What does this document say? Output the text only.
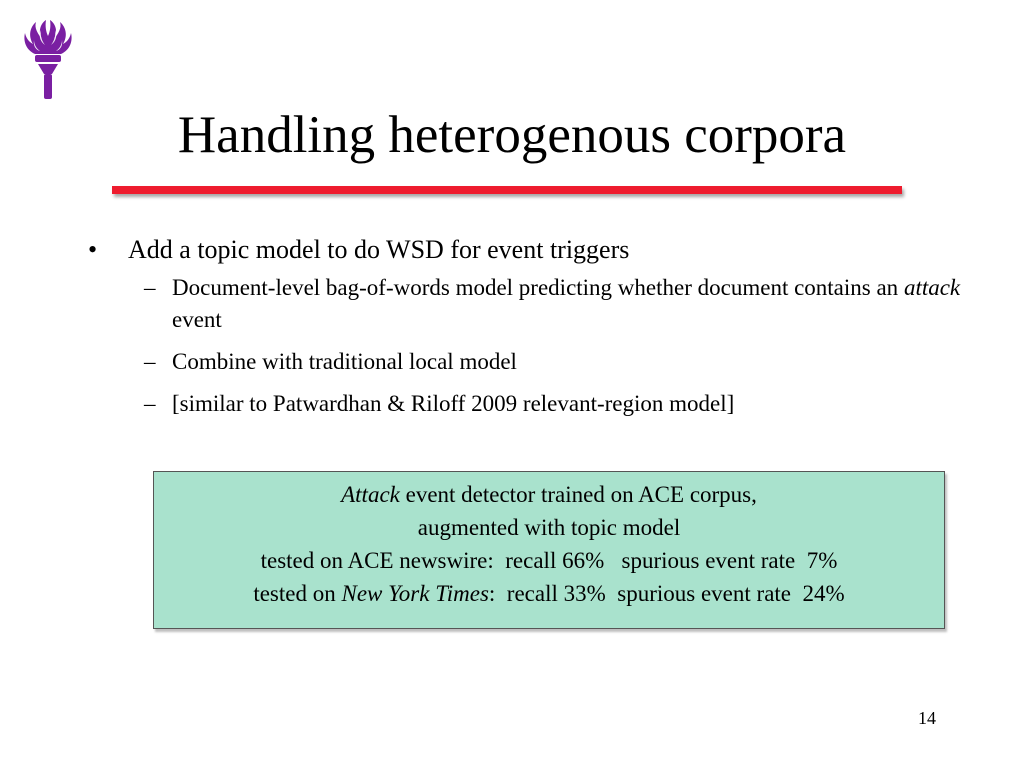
Handling heterogenous corpora
• Add a topic model to do WSD for event triggers
– Document-level bag-of-words model predicting whether document contains an attack event
– Combine with traditional local model
– [similar to Patwardhan & Riloff 2009 relevant-region model]
Attack event detector trained on ACE corpus,
augmented with topic model
tested on ACE newswire:  recall 66%   spurious event rate  7%
tested on New York Times:  recall 33%  spurious event rate  24%
14
